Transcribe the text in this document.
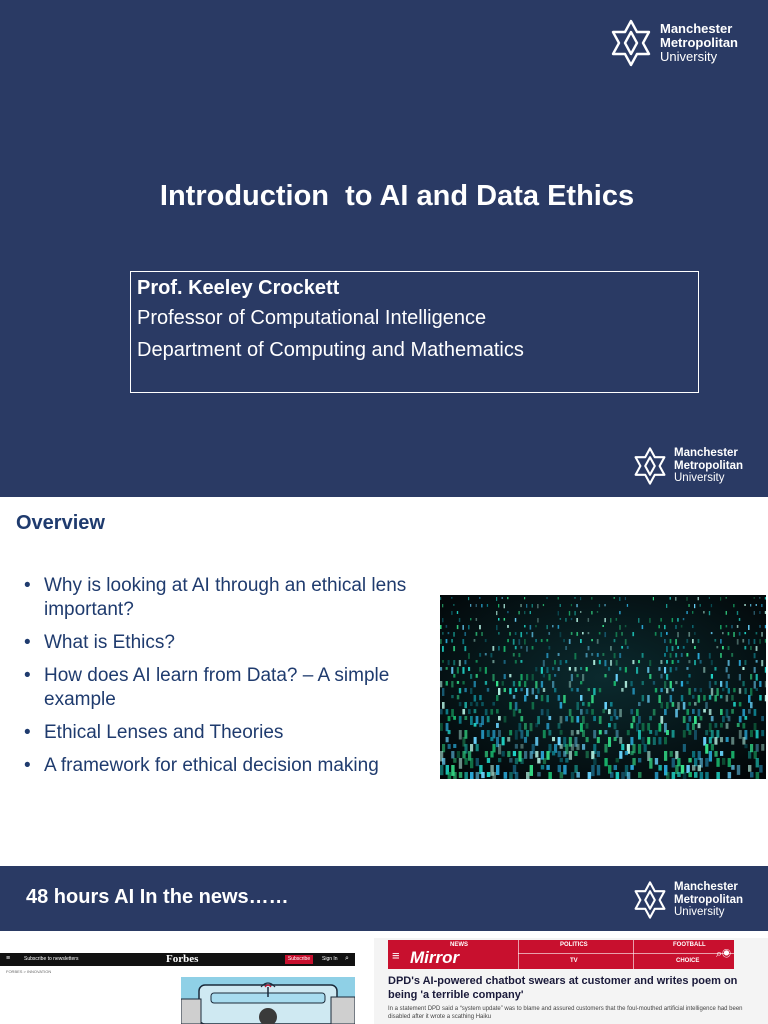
Manchester
Metropolitan
University
Introduction  to AI and Data Ethics
Prof. Keeley Crockett
Professor of Computational Intelligence
Department of Computing and Mathematics
Manchester
Metropolitan
University
Overview
• Why is looking at AI through an ethical lens important?
• What is Ethics?
• How does AI learn from Data? – A simple example
• Ethical Lenses and Theories
• A framework for ethical decision making
48 hours AI In the news……	Manchester
Metropolitan
University
≡	Subscribe to newsletters	Forbes	Subscribe	Sign In ⌕
FORBES > INNOVATION
≡ Mirror
NEWS	POLITICS	FOOTBALL
TV	CHOICE
⌕◉
DPD's AI-powered chatbot swears at customer and writes poem on being 'a terrible company'
In a statement DPD said a “system update” was to blame and assured customers that the foul-mouthed artificial intelligence had been disabled after it wrote a scathing Haiku
